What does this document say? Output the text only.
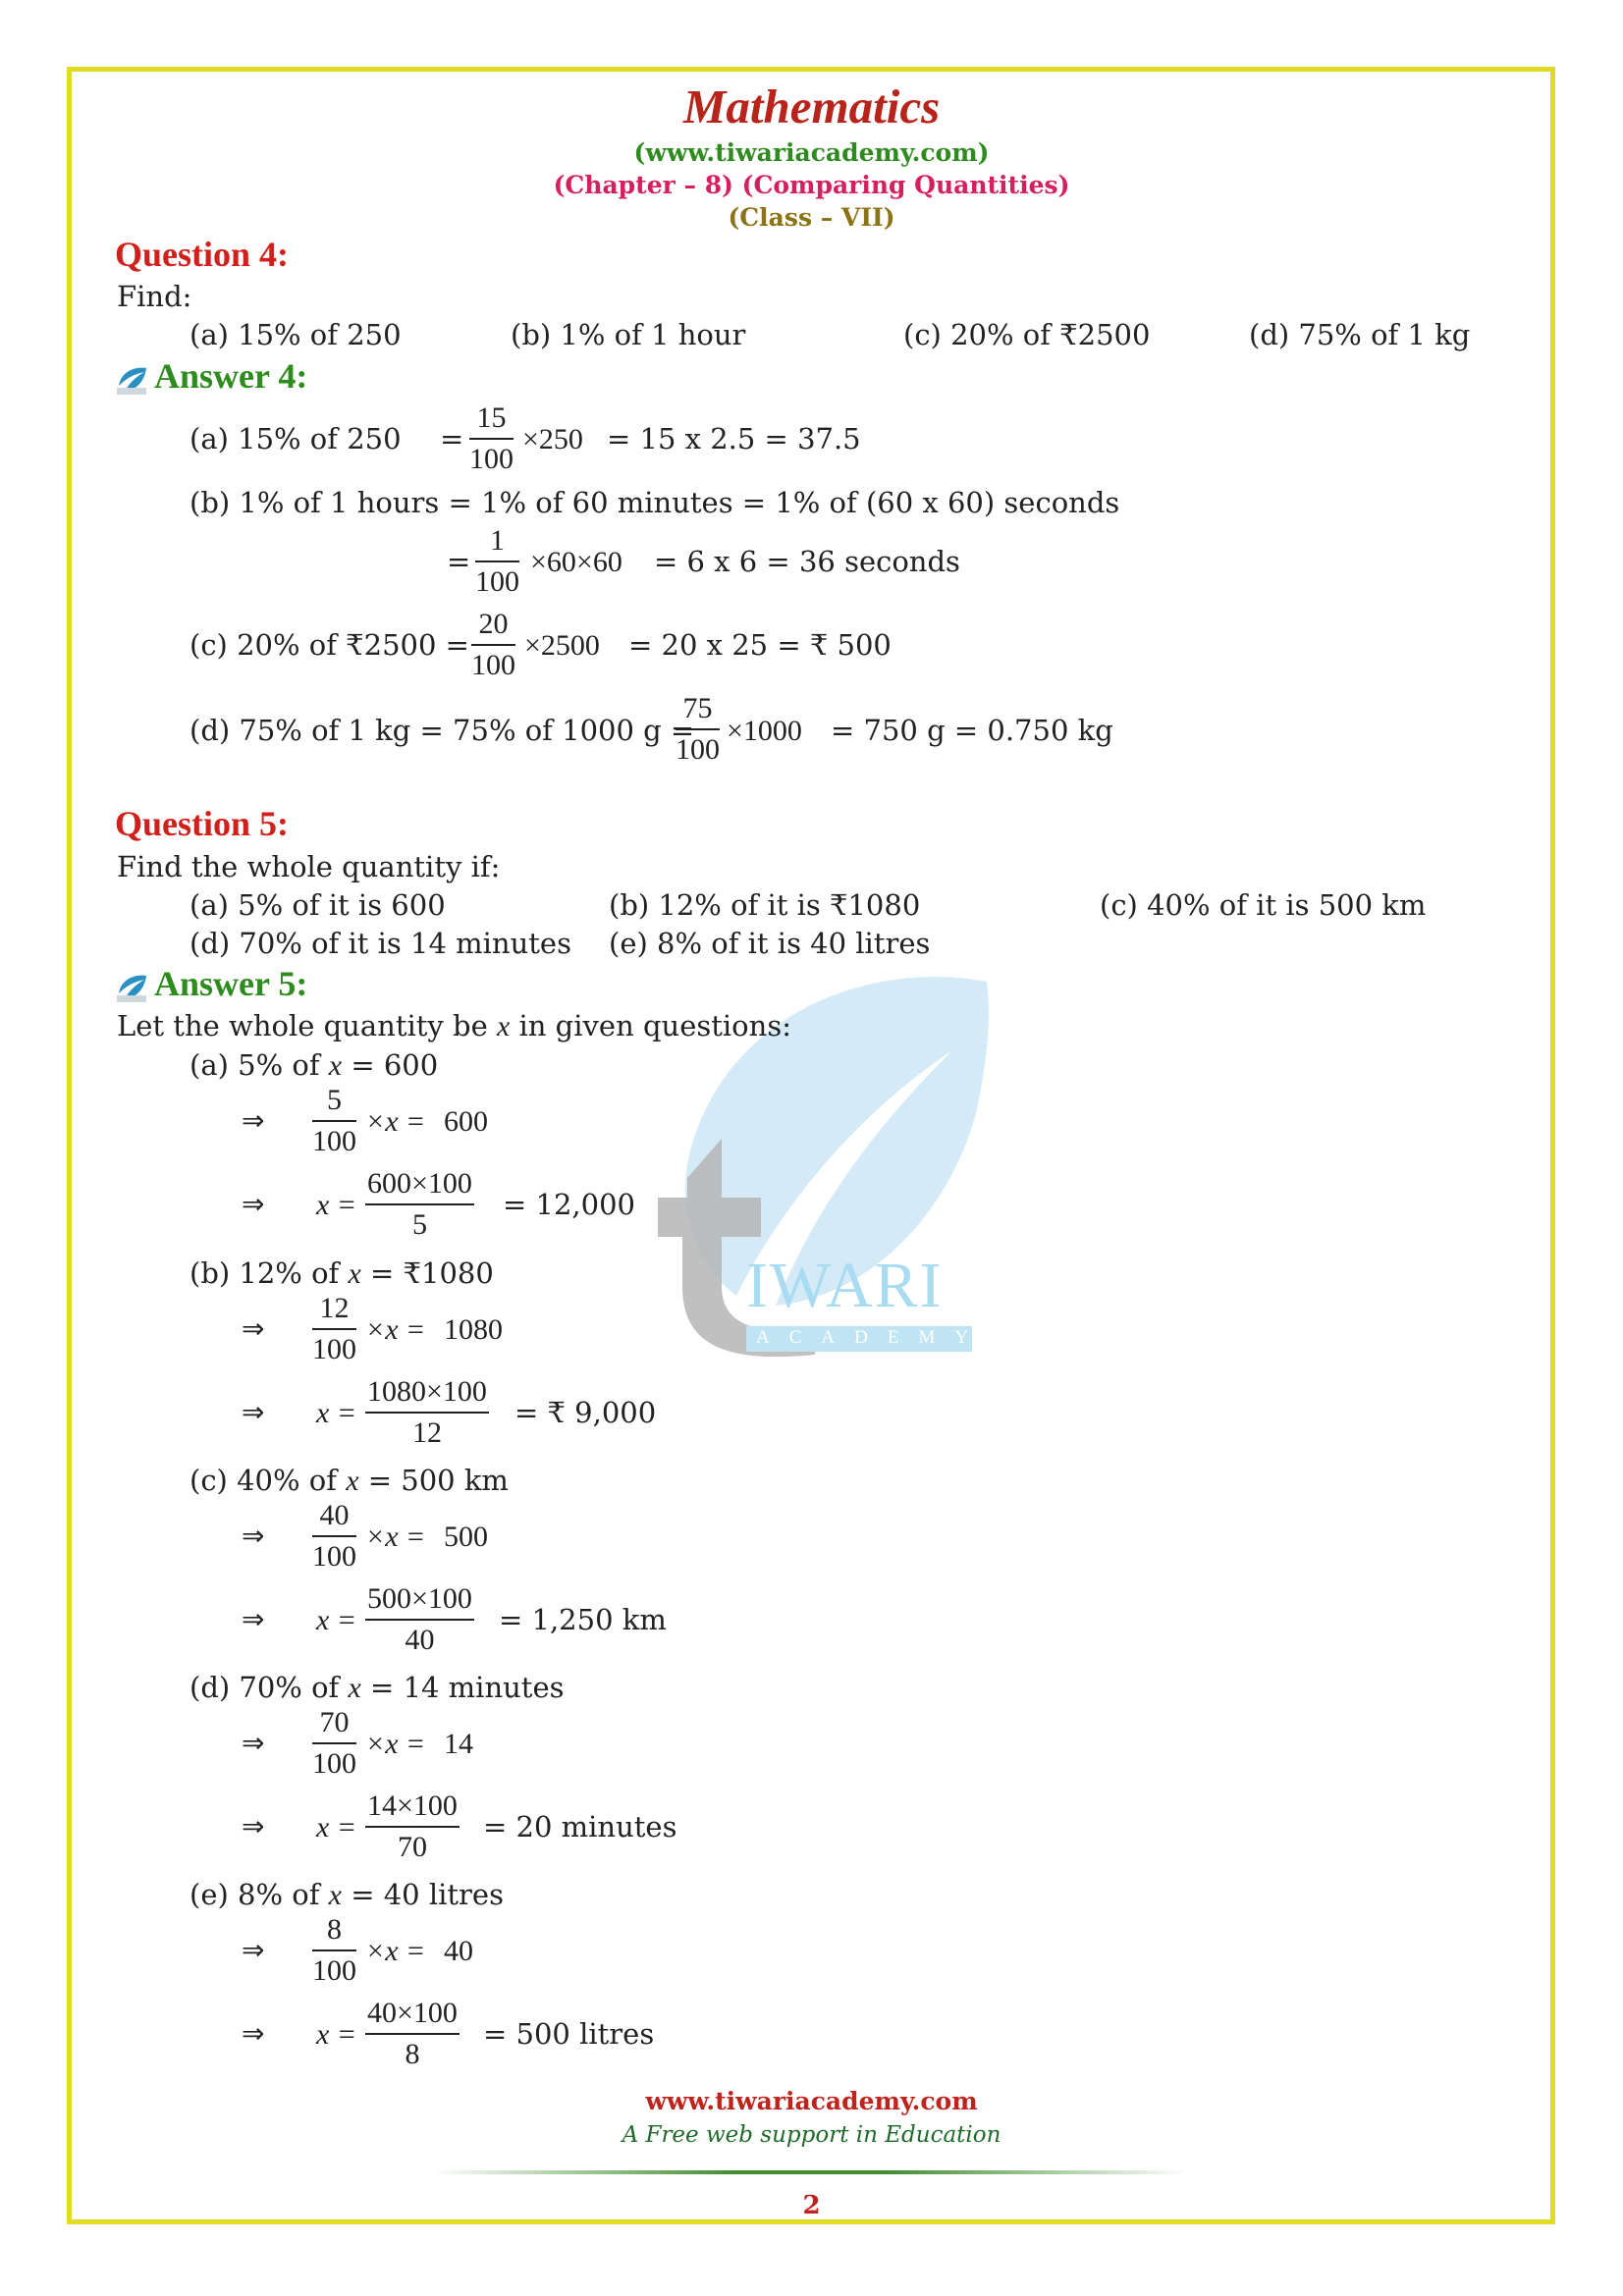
IWARI
ACADEMY
Mathematics
(www.tiwariacademy.com)
(Chapter – 8) (Comparing Quantities)
(Class – VII)
Question 4:
Find:
(a) 15% of 250	(b) 1% of 1 hour	(c) 20% of ₹2500	(d) 75% of 1 kg
Answer 4:
(a) 15% of $250 = \frac{15}{100} \times 250 = 15$ x 2.5 = 37.5
(b) 1% of 1 hours = 1% of 60 minutes = 1% of (60 x 60) seconds
= $\frac{1}{100} \times 60\times 60 = 6$ x 6 = 36 seconds
(c) 20% of ₹2500 = $\frac{20}{100} \times 2500 = 20$ x 25 = ₹ 500
(d) 75% of 1 kg = 75% of 1000 g =
$\frac{75}{100} \times 1000 = 750$ g = 0.750 kg
Question 5:
Find the whole quantity if:
(a) 5% of it is 600	(b) 12% of it is ₹1080	(c) 40% of it is 500 km
(d) 70% of it is 14 minutes (e) 8% of it is 40 litres
Answer 5:
Let the whole quantity be x in given questions:
(a) 5% of x = 600
⇒ $\frac{5}{100} \times x = 600$
⇒ $x = \frac{600\times 100}{5} = 12,000$
(b) 12% of x = ₹1080
⇒ $\frac{12}{100} \times x = 1080$
⇒ $x = \frac{1080\times 100}{12}$ = ₹ 9,000
(c) 40% of x = 500 km
⇒ $\frac{40}{100} \times x = 500$
⇒ $x = \frac{500\times 100}{40} = 1,250$ km
(d) 70% of x = 14 minutes
⇒ $\frac{70}{100} \times x = 14$
⇒ $x = \frac{14\times 100}{70} = 20$ minutes
(e) 8% of x = 40 litres
⇒ $\frac{8}{100} \times x = 40$
⇒ $x = \frac{40\times 100}{8} = 500$ litres
www.tiwariacademy.com
A Free web support in Education
2
